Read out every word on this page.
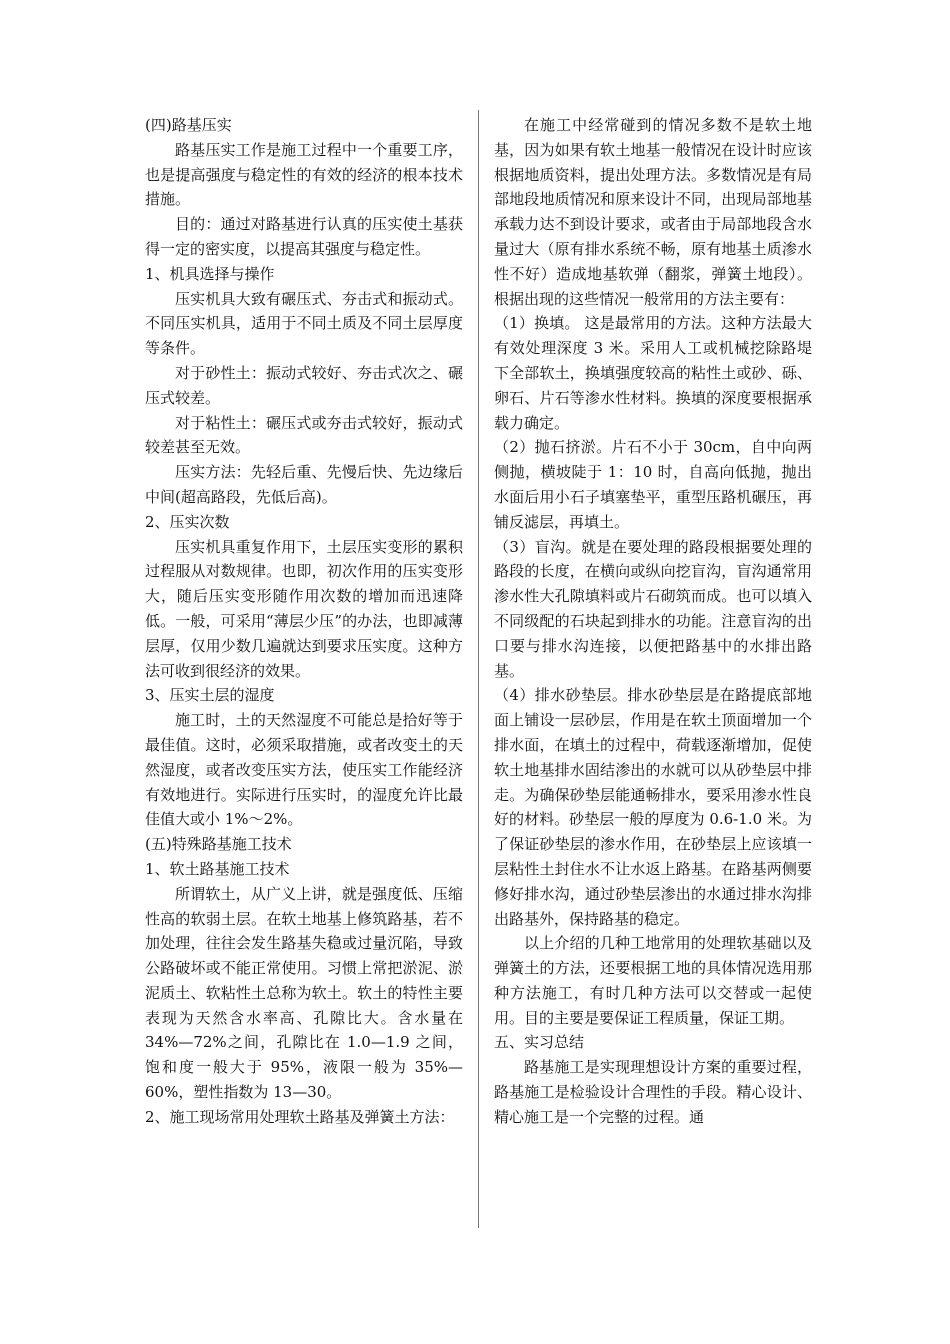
(四)路基压实

路基压实工作是施工过程中一个重要工序，也是提高强度与稳定性的有效的经济的根本技术措施。

目的：通过对路基进行认真的压实使土基获得一定的密实度，以提高其强度与稳定性。

1、机具选择与操作

压实机具大致有碾压式、夯击式和振动式。不同压实机具，适用于不同土质及不同土层厚度等条件。

对于砂性土：振动式较好、夯击式次之、碾压式较差。

对于粘性土：碾压式或夯击式较好，振动式较差甚至无效。

压实方法：先轻后重、先慢后快、先边缘后中间(超高路段，先低后高)。

2、压实次数

压实机具重复作用下，土层压实变形的累积过程服从对数规律。也即，初次作用的压实变形大，随后压实变形随作用次数的增加而迅速降低。一般，可采用“薄层少压”的办法，也即减薄层厚，仅用少数几遍就达到要求压实度。这种方法可收到很经济的效果。

3、压实土层的湿度

施工时，土的天然湿度不可能总是拾好等于最佳值。这时，必须采取措施，或者改变土的天然湿度，或者改变压实方法，使压实工作能经济有效地进行。实际进行压实时，的湿度允许比最佳值大或小 1%～2%。

(五)特殊路基施工技术

1、软土路基施工技术

所谓软土，从广义上讲，就是强度低、压缩性高的软弱土层。在软土地基上修筑路基，若不加处理，往往会发生路基失稳或过量沉陷，导致公路破坏或不能正常使用。习惯上常把淤泥、淤泥质土、软粘性土总称为软土。软土的特性主要表现为天然含水率高、孔隙比大。含水量在 34%—72%之间，孔隙比在 1.0—1.9 之间，饱和度一般大于 95%，液限一般为 35%—60%，塑性指数为 13—30。

2、施工现场常用处理软土路基及弹簧土方法：

在施工中经常碰到的情况多数不是软土地基，因为如果有软土地基一般情况在设计时应该根据地质资料，提出处理方法。多数情况是有局部地段地质情况和原来设计不同，出现局部地基承载力达不到设计要求，或者由于局部地段含水量过大（原有排水系统不畅，原有地基土质渗水性不好）造成地基软弹（翻浆，弹簧土地段）。根据出现的这些情况一般常用的方法主要有：

（1）换填。 这是最常用的方法。这种方法最大有效处理深度 3 米。采用人工或机械挖除路堤下全部软土，换填强度较高的粘性土或砂、砾、卵石、片石等渗水性材料。换填的深度要根据承载力确定。

（2）抛石挤淤。片石不小于 30cm，自中向两侧抛，横坡陡于 1：10 时，自高向低抛，抛出水面后用小石子填塞垫平，重型压路机碾压，再铺反滤层，再填土。

（3）盲沟。就是在要处理的路段根据要处理的路段的长度，在横向或纵向挖盲沟，盲沟通常用渗水性大孔隙填料或片石砌筑而成。也可以填入不同级配的石块起到排水的功能。注意盲沟的出口要与排水沟连接，以便把路基中的水排出路基。

（4）排水砂垫层。排水砂垫层是在路提底部地面上铺设一层砂层，作用是在软土顶面增加一个排水面，在填土的过程中，荷载逐渐增加，促使软土地基排水固结渗出的水就可以从砂垫层中排走。为确保砂垫层能通畅排水，要采用渗水性良好的材料。砂垫层一般的厚度为 0.6-1.0 米。为了保证砂垫层的渗水作用，在砂垫层上应该填一层粘性土封住水不让水返上路基。在路基两侧要修好排水沟，通过砂垫层渗出的水通过排水沟排出路基外，保持路基的稳定。

以上介绍的几种工地常用的处理软基础以及弹簧土的方法，还要根据工地的具体情况选用那种方法施工，有时几种方法可以交替或一起使用。目的主要是要保证工程质量，保证工期。

五、实习总结

路基施工是实现理想设计方案的重要过程，路基施工是检验设计合理性的手段。精心设计、精心施工是一个完整的过程。通
